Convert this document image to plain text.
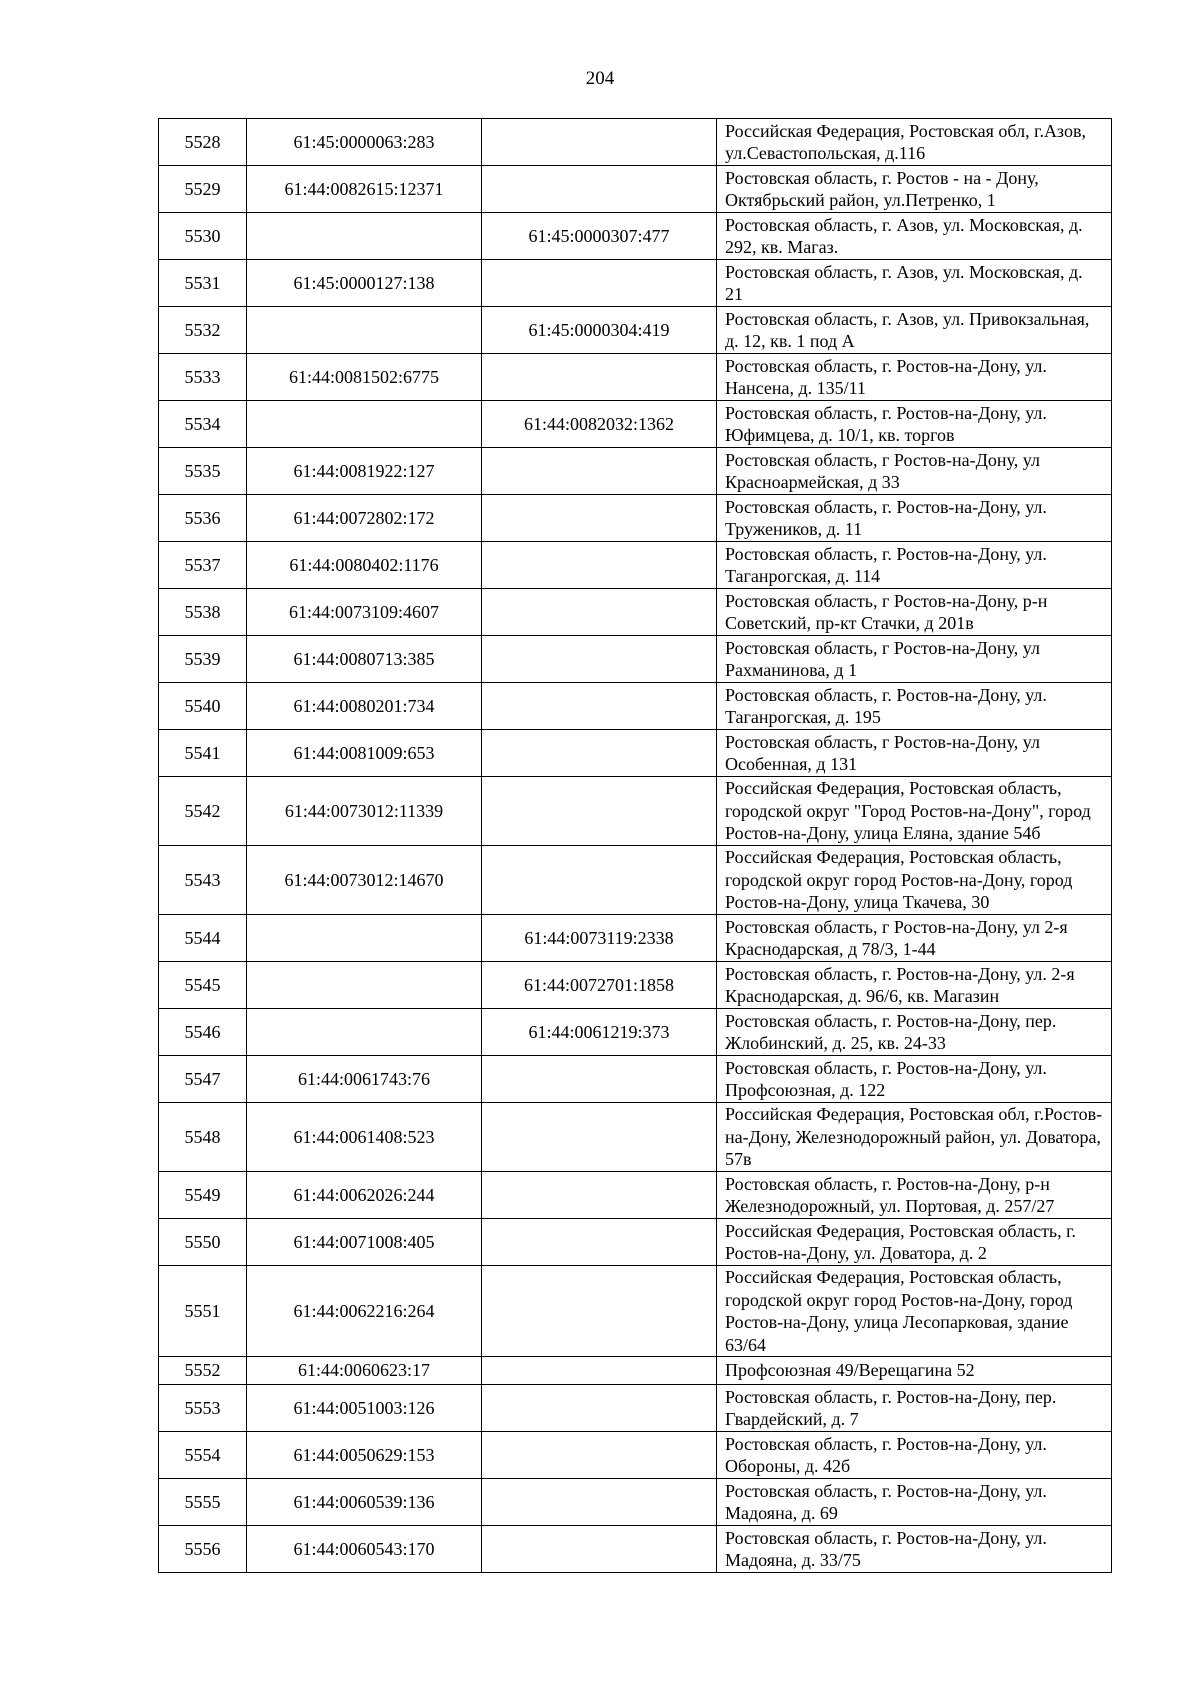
204
5528	61:45:0000063:283		Российская Федерация, Ростовская обл, г.Азов, ул.Севастопольская, д.116
5529	61:44:0082615:12371		Ростовская область, г. Ростов - на - Дону, Октябрьский район, ул.Петренко, 1
5530		61:45:0000307:477	Ростовская область, г. Азов, ул. Московская, д. 292, кв. Магаз.
5531	61:45:0000127:138		Ростовская область, г. Азов, ул. Московская, д. 21
5532		61:45:0000304:419	Ростовская область, г. Азов, ул. Привокзальная, д. 12, кв. 1 под А
5533	61:44:0081502:6775		Ростовская область, г. Ростов-на-Дону, ул. Нансена, д. 135/11
5534		61:44:0082032:1362	Ростовская область, г. Ростов-на-Дону, ул. Юфимцева, д. 10/1, кв. торгов
5535	61:44:0081922:127		Ростовская область, г Ростов-на-Дону, ул Красноармейская, д 33
5536	61:44:0072802:172		Ростовская область, г. Ростов-на-Дону, ул. Тружеников, д. 11
5537	61:44:0080402:1176		Ростовская область, г. Ростов-на-Дону, ул. Таганрогская, д. 114
5538	61:44:0073109:4607		Ростовская область, г Ростов-на-Дону, р-н Советский, пр-кт Стачки, д 201в
5539	61:44:0080713:385		Ростовская область, г Ростов-на-Дону, ул Рахманинова, д 1
5540	61:44:0080201:734		Ростовская область, г. Ростов-на-Дону, ул. Таганрогская, д. 195
5541	61:44:0081009:653		Ростовская область, г Ростов-на-Дону, ул Особенная, д 131
5542	61:44:0073012:11339		Российская Федерация, Ростовская область, городской округ "Город Ростов-на-Дону", город Ростов-на-Дону, улица Еляна, здание 54б
5543	61:44:0073012:14670		Российская Федерация, Ростовская область, городской округ город Ростов-на-Дону, город Ростов-на-Дону, улица Ткачева, 30
5544		61:44:0073119:2338	Ростовская область, г Ростов-на-Дону, ул 2-я Краснодарская, д 78/3, 1-44
5545		61:44:0072701:1858	Ростовская область, г. Ростов-на-Дону, ул. 2-я Краснодарская, д. 96/6, кв. Магазин
5546		61:44:0061219:373	Ростовская область, г. Ростов-на-Дону, пер. Жлобинский, д. 25, кв. 24-33
5547	61:44:0061743:76		Ростовская область, г. Ростов-на-Дону, ул. Профсоюзная, д. 122
5548	61:44:0061408:523		Российская Федерация, Ростовская обл, г.Ростов-на-Дону, Железнодорожный район, ул. Доватора, 57в
5549	61:44:0062026:244		Ростовская область, г. Ростов-на-Дону, р-н Железнодорожный, ул. Портовая, д. 257/27
5550	61:44:0071008:405		Российская Федерация, Ростовская область, г. Ростов-на-Дону, ул. Доватора, д. 2
5551	61:44:0062216:264		Российская Федерация, Ростовская область, городской округ город Ростов-на-Дону, город Ростов-на-Дону, улица Лесопарковая, здание 63/64
5552	61:44:0060623:17		Профсоюзная 49/Верещагина 52
5553	61:44:0051003:126		Ростовская область, г. Ростов-на-Дону, пер. Гвардейский, д. 7
5554	61:44:0050629:153		Ростовская область, г. Ростов-на-Дону, ул. Обороны, д. 42б
5555	61:44:0060539:136		Ростовская область, г. Ростов-на-Дону, ул. Мадояна, д. 69
5556	61:44:0060543:170		Ростовская область, г. Ростов-на-Дону, ул. Мадояна, д. 33/75
